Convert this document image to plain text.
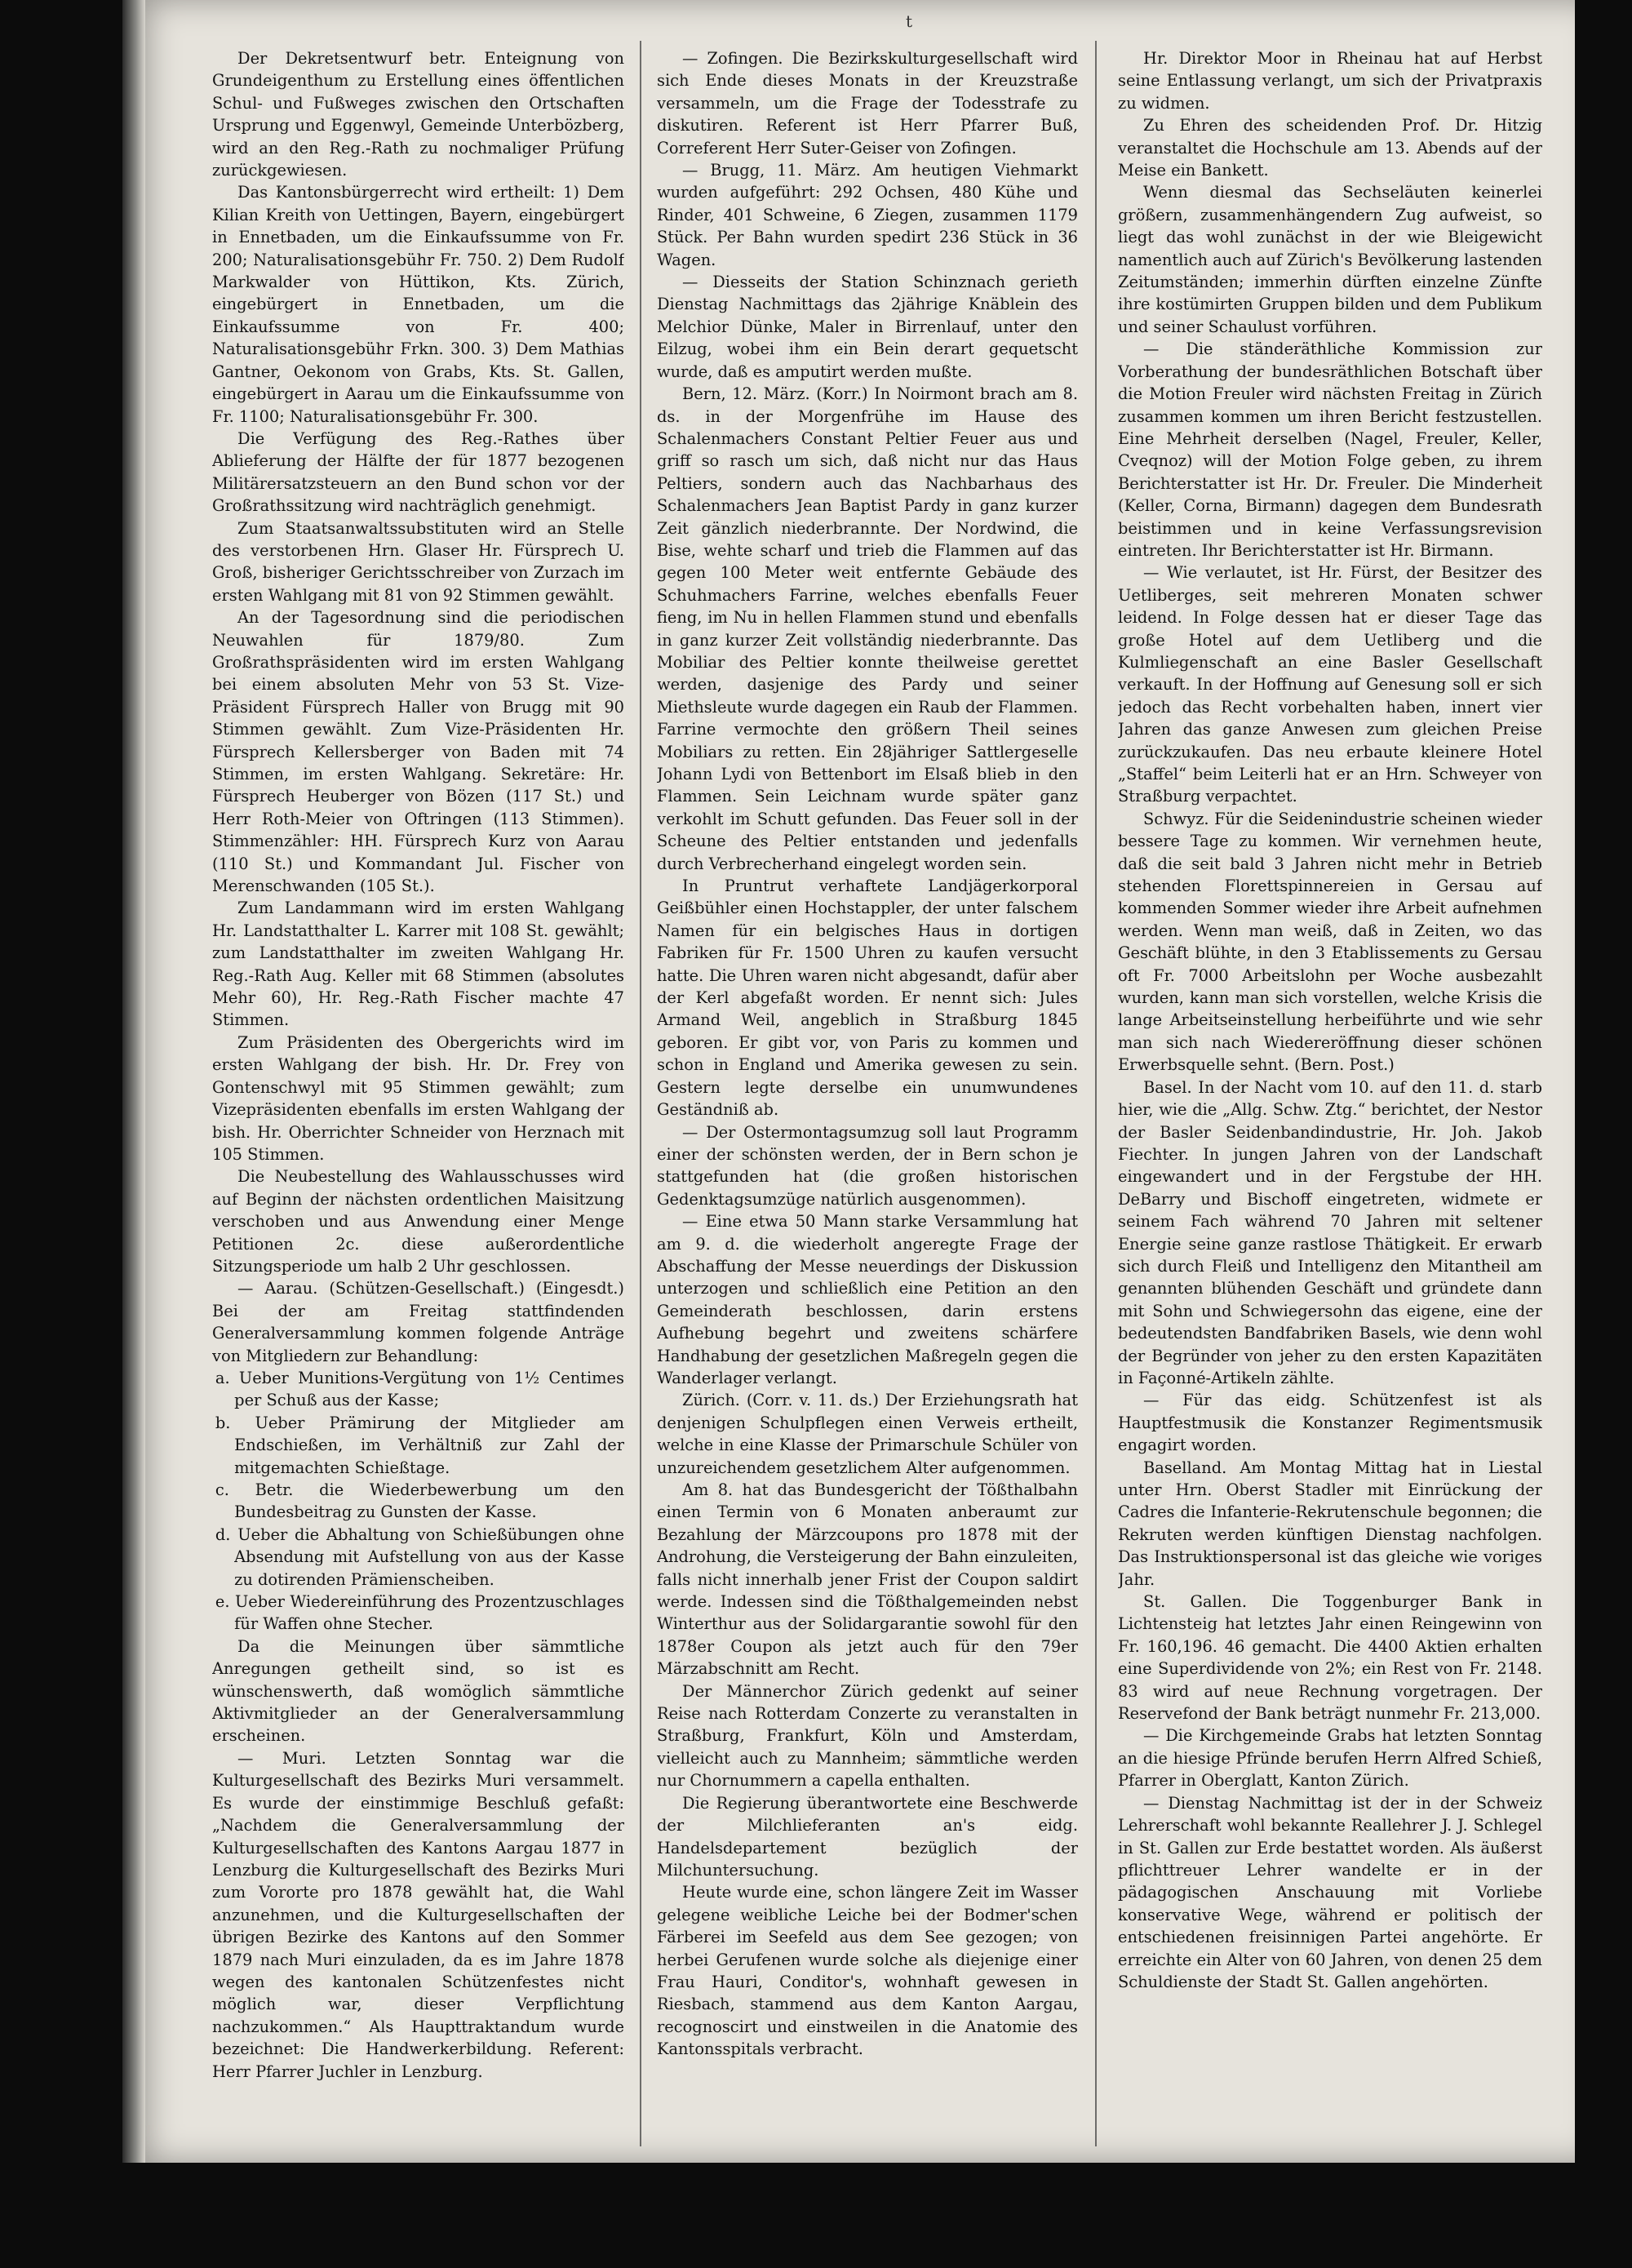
t

Der Dekretsentwurf betr. Enteignung von Grundeigenthum zu Erstellung eines öffentlichen Schul- und Fußweges zwischen den Ortschaften Ursprung und Eggenwyl, Gemeinde Unterbözberg, wird an den Reg.-Rath zu nochmaliger Prüfung zurückgewiesen.

Das Kantonsbürgerrecht wird ertheilt: 1) Dem Kilian Kreith von Uettingen, Bayern, eingebürgert in Ennetbaden, um die Einkaufssumme von Fr. 200; Naturalisationsgebühr Fr. 750. 2) Dem Rudolf Markwalder von Hüttikon, Kts. Zürich, eingebürgert in Ennetbaden, um die Einkaufssumme von Fr. 400; Naturalisationsgebühr Frkn. 300. 3) Dem Mathias Gantner, Oekonom von Grabs, Kts. St. Gallen, eingebürgert in Aarau um die Einkaufssumme von Fr. 1100; Naturalisationsgebühr Fr. 300.

Die Verfügung des Reg.-Rathes über Ablieferung der Hälfte der für 1877 bezogenen Militärersatzsteuern an den Bund schon vor der Großrathssitzung wird nachträglich genehmigt.

Zum Staatsanwaltssubstituten wird an Stelle des verstorbenen Hrn. Glaser Hr. Fürsprech U. Groß, bisheriger Gerichtsschreiber von Zurzach im ersten Wahlgang mit 81 von 92 Stimmen gewählt.

An der Tagesordnung sind die periodischen Neuwahlen für 1879/80. Zum Großrathspräsidenten wird im ersten Wahlgang bei einem absoluten Mehr von 53 St. Vize-Präsident Fürsprech Haller von Brugg mit 90 Stimmen gewählt. Zum Vize-Präsidenten Hr. Fürsprech Kellersberger von Baden mit 74 Stimmen, im ersten Wahlgang. Sekretäre: Hr. Fürsprech Heuberger von Bözen (117 St.) und Herr Roth-Meier von Oftringen (113 Stimmen). Stimmenzähler: HH. Fürsprech Kurz von Aarau (110 St.) und Kommandant Jul. Fischer von Merenschwanden (105 St.).

Zum Landammann wird im ersten Wahlgang Hr. Landstatthalter L. Karrer mit 108 St. gewählt; zum Landstatthalter im zweiten Wahlgang Hr. Reg.-Rath Aug. Keller mit 68 Stimmen (absolutes Mehr 60), Hr. Reg.-Rath Fischer machte 47 Stimmen.

Zum Präsidenten des Obergerichts wird im ersten Wahlgang der bish. Hr. Dr. Frey von Gontenschwyl mit 95 Stimmen gewählt; zum Vizepräsidenten ebenfalls im ersten Wahlgang der bish. Hr. Oberrichter Schneider von Herznach mit 105 Stimmen.

Die Neubestellung des Wahlausschusses wird auf Beginn der nächsten ordentlichen Maisitzung verschoben und aus Anwendung einer Menge Petitionen 2c. diese außerordentliche Sitzungsperiode um halb 2 Uhr geschlossen.

— Aarau. (Schützen-Gesellschaft.) (Eingesdt.) Bei der am Freitag stattfindenden Generalversammlung kommen folgende Anträge von Mitgliedern zur Behandlung:

a. Ueber Munitions-Vergütung von 1½ Centimes per Schuß aus der Kasse;

b. Ueber Prämirung der Mitglieder am Endschießen, im Verhältniß zur Zahl der mitgemachten Schießtage.

c. Betr. die Wiederbewerbung um den Bundesbeitrag zu Gunsten der Kasse.

d. Ueber die Abhaltung von Schießübungen ohne Absendung mit Aufstellung von aus der Kasse zu dotirenden Prämienscheiben.

e. Ueber Wiedereinführung des Prozentzuschlages für Waffen ohne Stecher.

Da die Meinungen über sämmtliche Anregungen getheilt sind, so ist es wünschenswerth, daß womöglich sämmtliche Aktivmitglieder an der Generalversammlung erscheinen.

— Muri. Letzten Sonntag war die Kulturgesellschaft des Bezirks Muri versammelt. Es wurde der einstimmige Beschluß gefaßt: „Nachdem die Generalversammlung der Kulturgesellschaften des Kantons Aargau 1877 in Lenzburg die Kulturgesellschaft des Bezirks Muri zum Vororte pro 1878 gewählt hat, die Wahl anzunehmen, und die Kulturgesellschaften der übrigen Bezirke des Kantons auf den Sommer 1879 nach Muri einzuladen, da es im Jahre 1878 wegen des kantonalen Schützenfestes nicht möglich war, dieser Verpflichtung nachzukommen.“ Als Haupttraktandum wurde bezeichnet: Die Handwerkerbildung. Referent: Herr Pfarrer Juchler in Lenzburg.

— Zofingen. Die Bezirkskulturgesellschaft wird sich Ende dieses Monats in der Kreuzstraße versammeln, um die Frage der Todesstrafe zu diskutiren. Referent ist Herr Pfarrer Buß, Correferent Herr Suter-Geiser von Zofingen.

— Brugg, 11. März. Am heutigen Viehmarkt wurden aufgeführt: 292 Ochsen, 480 Kühe und Rinder, 401 Schweine, 6 Ziegen, zusammen 1179 Stück. Per Bahn wurden spedirt 236 Stück in 36 Wagen.

— Diesseits der Station Schinznach gerieth Dienstag Nachmittags das 2jährige Knäblein des Melchior Dünke, Maler in Birrenlauf, unter den Eilzug, wobei ihm ein Bein derart gequetscht wurde, daß es amputirt werden mußte.

Bern, 12. März. (Korr.) In Noirmont brach am 8. ds. in der Morgenfrühe im Hause des Schalenmachers Constant Peltier Feuer aus und griff so rasch um sich, daß nicht nur das Haus Peltiers, sondern auch das Nachbarhaus des Schalenmachers Jean Baptist Pardy in ganz kurzer Zeit gänzlich niederbrannte. Der Nordwind, die Bise, wehte scharf und trieb die Flammen auf das gegen 100 Meter weit entfernte Gebäude des Schuhmachers Farrine, welches ebenfalls Feuer fieng, im Nu in hellen Flammen stund und ebenfalls in ganz kurzer Zeit vollständig niederbrannte. Das Mobiliar des Peltier konnte theilweise gerettet werden, dasjenige des Pardy und seiner Miethsleute wurde dagegen ein Raub der Flammen. Farrine vermochte den größern Theil seines Mobiliars zu retten. Ein 28jähriger Sattlergeselle Johann Lydi von Bettenbort im Elsaß blieb in den Flammen. Sein Leichnam wurde später ganz verkohlt im Schutt gefunden. Das Feuer soll in der Scheune des Peltier entstanden und jedenfalls durch Verbrecherhand eingelegt worden sein.

In Pruntrut verhaftete Landjägerkorporal Geißbühler einen Hochstappler, der unter falschem Namen für ein belgisches Haus in dortigen Fabriken für Fr. 1500 Uhren zu kaufen versucht hatte. Die Uhren waren nicht abgesandt, dafür aber der Kerl abgefaßt worden. Er nennt sich: Jules Armand Weil, angeblich in Straßburg 1845 geboren. Er gibt vor, von Paris zu kommen und schon in England und Amerika gewesen zu sein. Gestern legte derselbe ein unumwundenes Geständniß ab.

— Der Ostermontagsumzug soll laut Programm einer der schönsten werden, der in Bern schon je stattgefunden hat (die großen historischen Gedenktagsumzüge natürlich ausgenommen).

— Eine etwa 50 Mann starke Versammlung hat am 9. d. die wiederholt angeregte Frage der Abschaffung der Messe neuerdings der Diskussion unterzogen und schließlich eine Petition an den Gemeinderath beschlossen, darin erstens Aufhebung begehrt und zweitens schärfere Handhabung der gesetzlichen Maßregeln gegen die Wanderlager verlangt.

Zürich. (Corr. v. 11. ds.) Der Erziehungsrath hat denjenigen Schulpflegen einen Verweis ertheilt, welche in eine Klasse der Primarschule Schüler von unzureichendem gesetzlichem Alter aufgenommen.

Am 8. hat das Bundesgericht der Tößthalbahn einen Termin von 6 Monaten anberaumt zur Bezahlung der Märzcoupons pro 1878 mit der Androhung, die Versteigerung der Bahn einzuleiten, falls nicht innerhalb jener Frist der Coupon saldirt werde. Indessen sind die Tößthalgemeinden nebst Winterthur aus der Solidargarantie sowohl für den 1878er Coupon als jetzt auch für den 79er Märzabschnitt am Recht.

Der Männerchor Zürich gedenkt auf seiner Reise nach Rotterdam Conzerte zu veranstalten in Straßburg, Frankfurt, Köln und Amsterdam, vielleicht auch zu Mannheim; sämmtliche werden nur Chornummern a capella enthalten.

Die Regierung überantwortete eine Beschwerde der Milchlieferanten an's eidg. Handelsdepartement bezüglich der Milchuntersuchung.

Heute wurde eine, schon längere Zeit im Wasser gelegene weibliche Leiche bei der Bodmer'schen Färberei im Seefeld aus dem See gezogen; von herbei Gerufenen wurde solche als diejenige einer Frau Hauri, Conditor's, wohnhaft gewesen in Riesbach, stammend aus dem Kanton Aargau, recognoscirt und einstweilen in die Anatomie des Kantonsspitals verbracht.

Hr. Direktor Moor in Rheinau hat auf Herbst seine Entlassung verlangt, um sich der Privatpraxis zu widmen.

Zu Ehren des scheidenden Prof. Dr. Hitzig veranstaltet die Hochschule am 13. Abends auf der Meise ein Bankett.

Wenn diesmal das Sechseläuten keinerlei größern, zusammenhängendern Zug aufweist, so liegt das wohl zunächst in der wie Bleigewicht namentlich auch auf Zürich's Bevölkerung lastenden Zeitumständen; immerhin dürften einzelne Zünfte ihre kostümirten Gruppen bilden und dem Publikum und seiner Schaulust vorführen.

— Die ständeräthliche Kommission zur Vorberathung der bundesräthlichen Botschaft über die Motion Freuler wird nächsten Freitag in Zürich zusammen kommen um ihren Bericht festzustellen. Eine Mehrheit derselben (Nagel, Freuler, Keller, Cveqnoz) will der Motion Folge geben, zu ihrem Berichterstatter ist Hr. Dr. Freuler. Die Minderheit (Keller, Corna, Birmann) dagegen dem Bundesrath beistimmen und in keine Verfassungsrevision eintreten. Ihr Berichterstatter ist Hr. Birmann.

— Wie verlautet, ist Hr. Fürst, der Besitzer des Uetliberges, seit mehreren Monaten schwer leidend. In Folge dessen hat er dieser Tage das große Hotel auf dem Uetliberg und die Kulmliegenschaft an eine Basler Gesellschaft verkauft. In der Hoffnung auf Genesung soll er sich jedoch das Recht vorbehalten haben, innert vier Jahren das ganze Anwesen zum gleichen Preise zurückzukaufen. Das neu erbaute kleinere Hotel „Staffel“ beim Leiterli hat er an Hrn. Schweyer von Straßburg verpachtet.

Schwyz. Für die Seidenindustrie scheinen wieder bessere Tage zu kommen. Wir vernehmen heute, daß die seit bald 3 Jahren nicht mehr in Betrieb stehenden Florettspinnereien in Gersau auf kommenden Sommer wieder ihre Arbeit aufnehmen werden. Wenn man weiß, daß in Zeiten, wo das Geschäft blühte, in den 3 Etablissements zu Gersau oft Fr. 7000 Arbeitslohn per Woche ausbezahlt wurden, kann man sich vorstellen, welche Krisis die lange Arbeitseinstellung herbeiführte und wie sehr man sich nach Wiedereröffnung dieser schönen Erwerbsquelle sehnt. (Bern. Post.)

Basel. In der Nacht vom 10. auf den 11. d. starb hier, wie die „Allg. Schw. Ztg.“ berichtet, der Nestor der Basler Seidenbandindustrie, Hr. Joh. Jakob Fiechter. In jungen Jahren von der Landschaft eingewandert und in der Fergstube der HH. DeBarry und Bischoff eingetreten, widmete er seinem Fach während 70 Jahren mit seltener Energie seine ganze rastlose Thätigkeit. Er erwarb sich durch Fleiß und Intelligenz den Mitantheil am genannten blühenden Geschäft und gründete dann mit Sohn und Schwiegersohn das eigene, eine der bedeutendsten Bandfabriken Basels, wie denn wohl der Begründer von jeher zu den ersten Kapazitäten in Façonné-Artikeln zählte.

— Für das eidg. Schützenfest ist als Hauptfestmusik die Konstanzer Regimentsmusik engagirt worden.

Baselland. Am Montag Mittag hat in Liestal unter Hrn. Oberst Stadler mit Einrückung der Cadres die Infanterie-Rekrutenschule begonnen; die Rekruten werden künftigen Dienstag nachfolgen. Das Instruktionspersonal ist das gleiche wie voriges Jahr.

St. Gallen. Die Toggenburger Bank in Lichtensteig hat letztes Jahr einen Reingewinn von Fr. 160,196. 46 gemacht. Die 4400 Aktien erhalten eine Superdividende von 2%; ein Rest von Fr. 2148. 83 wird auf neue Rechnung vorgetragen. Der Reservefond der Bank beträgt nunmehr Fr. 213,000.

— Die Kirchgemeinde Grabs hat letzten Sonntag an die hiesige Pfründe berufen Herrn Alfred Schieß, Pfarrer in Oberglatt, Kanton Zürich.

— Dienstag Nachmittag ist der in der Schweiz Lehrerschaft wohl bekannte Reallehrer J. J. Schlegel in St. Gallen zur Erde bestattet worden. Als äußerst pflichttreuer Lehrer wandelte er in der pädagogischen Anschauung mit Vorliebe konservative Wege, während er politisch der entschiedenen freisinnigen Partei angehörte. Er erreichte ein Alter von 60 Jahren, von denen 25 dem Schuldienste der Stadt St. Gallen angehörten.
